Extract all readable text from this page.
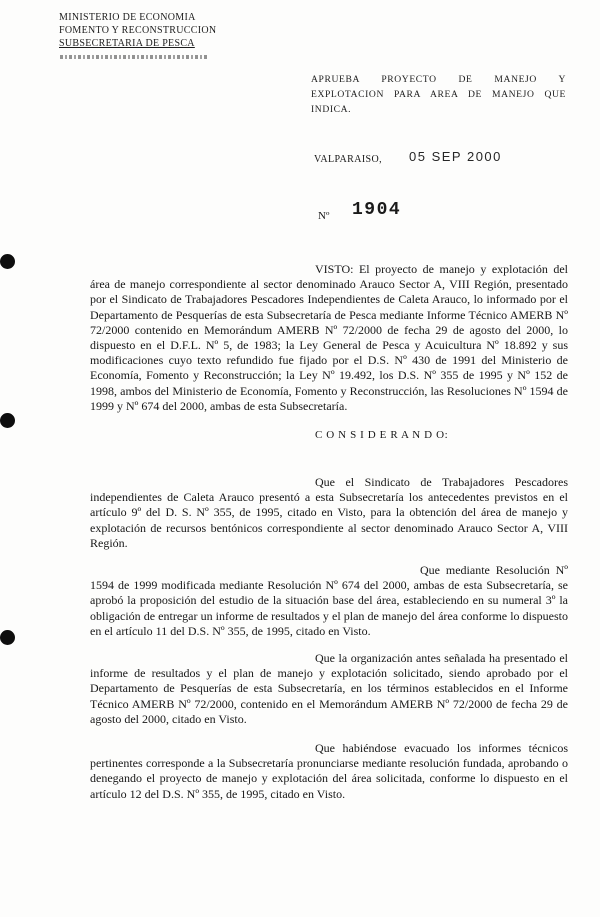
MINISTERIO DE ECONOMIA
FOMENTO Y RECONSTRUCCION
SUBSECRETARIA DE PESCA
APRUEBA PROYECTO DE MANEJO Y
EXPLOTACION PARA AREA DE MANEJO QUE
INDICA.
VALPARAISO, 05 SEP 2000
Nº 1904

VISTO: El proyecto de manejo y explotación del área de manejo correspondiente al sector denominado Arauco Sector A, VIII Región, presentado por el Sindicato de Trabajadores Pescadores Independientes de Caleta Arauco, lo informado por el Departamento de Pesquerías de esta Subsecretaría de Pesca mediante Informe Técnico AMERB Nº 72/2000 contenido en Memorándum AMERB Nº 72/2000 de fecha 29 de agosto del 2000, lo dispuesto en el D.F.L. Nº 5, de 1983; la Ley General de Pesca y Acuicultura Nº 18.892 y sus modificaciones cuyo texto refundido fue fijado por el D.S. Nº 430 de 1991 del Ministerio de Economía, Fomento y Reconstrucción; la Ley Nº 19.492, los D.S. Nº 355 de 1995 y Nº 152 de 1998, ambos del Ministerio de Economía, Fomento y Reconstrucción, las Resoluciones Nº 1594 de 1999 y Nº 674 del 2000, ambas de esta Subsecretaría.

C O N S I D E R A N D O:

Que el Sindicato de Trabajadores Pescadores independientes de Caleta Arauco presentó a esta Subsecretaría los antecedentes previstos en el artículo 9º del D. S. Nº 355, de 1995, citado en Visto, para la obtención del área de manejo y explotación de recursos bentónicos correspondiente al sector denominado Arauco Sector A, VIII Región.

Que mediante Resolución Nº 1594 de 1999 modificada mediante Resolución Nº 674 del 2000, ambas de esta Subsecretaría, se aprobó la proposición del estudio de la situación base del área, estableciendo en su numeral 3º la obligación de entregar un informe de resultados y el plan de manejo del área conforme lo dispuesto en el artículo 11 del D.S. Nº 355, de 1995, citado en Visto.

Que la organización antes señalada ha presentado el informe de resultados y el plan de manejo y explotación solicitado, siendo aprobado por el Departamento de Pesquerías de esta Subsecretaría, en los términos establecidos en el Informe Técnico AMERB Nº 72/2000, contenido en el Memorándum AMERB Nº 72/2000 de fecha 29 de agosto del 2000, citado en Visto.

Que habiéndose evacuado los informes técnicos pertinentes corresponde a la Subsecretaría pronunciarse mediante resolución fundada, aprobando o denegando el proyecto de manejo y explotación del área solicitada, conforme lo dispuesto en el artículo 12 del D.S. Nº 355, de 1995, citado en Visto.
